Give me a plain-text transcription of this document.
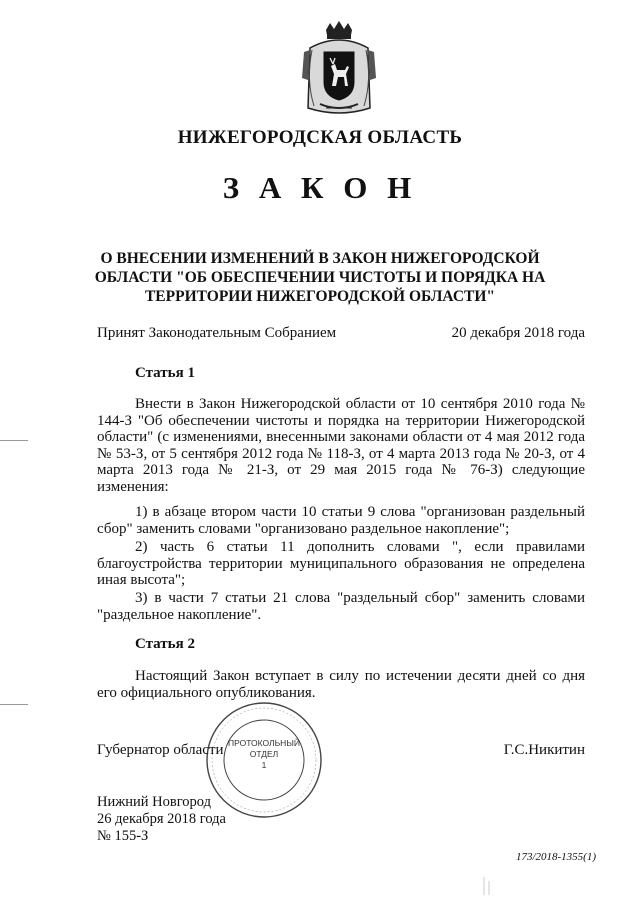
НИЖЕГОРОДСКАЯ ОБЛАСТЬ
З А К О Н
О ВНЕСЕНИИ ИЗМЕНЕНИЙ В ЗАКОН НИЖЕГОРОДСКОЙ
ОБЛАСТИ "ОБ ОБЕСПЕЧЕНИИ ЧИСТОТЫ И ПОРЯДКА НА
ТЕРРИТОРИИ НИЖЕГОРОДСКОЙ ОБЛАСТИ"
Принят Законодательным Собранием	20 декабря 2018 года
Статья 1
Внести в Закон Нижегородской области от 10 сентября 2010 года № 144-З "Об обеспечении чистоты и порядка на территории Нижегородской области" (с изменениями, внесенными законами области от 4 мая 2012 года № 53-З, от 5 сентября 2012 года № 118-З, от 4 марта 2013 года № 20-З, от 4 марта 2013 года № 21-З, от 29 мая 2015 года № 76-З) следующие изменения:
1) в абзаце втором части 10 статьи 9 слова "организован раздельный сбор" заменить словами "организовано раздельное накопление";
2) часть 6 статьи 11 дополнить словами ", если правилами благоустройства территории муниципального образования не определена иная высота";
3) в части 7 статьи 21 слова "раздельный сбор" заменить словами "раздельное накопление".
Статья 2
Настоящий Закон вступает в силу по истечении десяти дней со дня его официального опубликования.
ПРОТОКОЛЬНЫЙ
ОТДЕЛ
1
Губернатор области	Г.С.Никитин
Нижний Новгород
26 декабря 2018 года
№ 155-З
173/2018-1355(1)
